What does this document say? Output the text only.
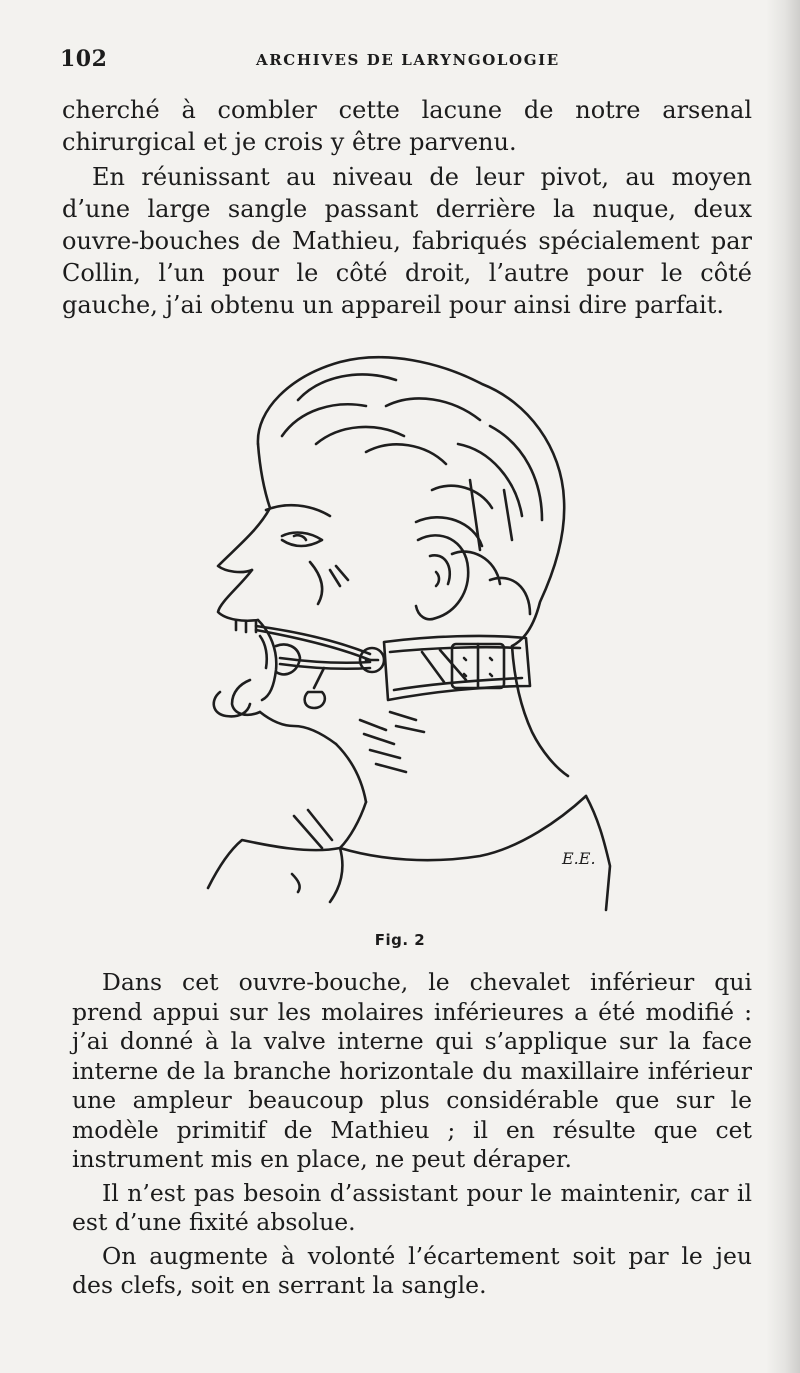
102	ARCHIVES DE LARYNGOLOGIE

cherché à combler cette lacune de notre arsenal chirurgical et je crois y être parvenu.

En réunissant au niveau de leur pivot, au moyen d’une large sangle passant derrière la nuque, deux ouvre-bouches de Mathieu, fabriqués spécialement par Collin, l’un pour le côté droit, l’autre pour le côté gauche, j’ai obtenu un appareil pour ainsi dire parfait.

E.E.
Fig. 2

Dans cet ouvre-bouche, le chevalet inférieur qui prend appui sur les molaires inférieures a été modifié : j’ai donné à la valve interne qui s’applique sur la face interne de la branche horizontale du maxillaire inférieur une ampleur beaucoup plus considérable que sur le modèle primitif de Mathieu ; il en résulte que cet instrument mis en place, ne peut déraper.

Il n’est pas besoin d’assistant pour le maintenir, car il est d’une fixité absolue.

On augmente à volonté l’écartement soit par le jeu des clefs, soit en serrant la sangle.
